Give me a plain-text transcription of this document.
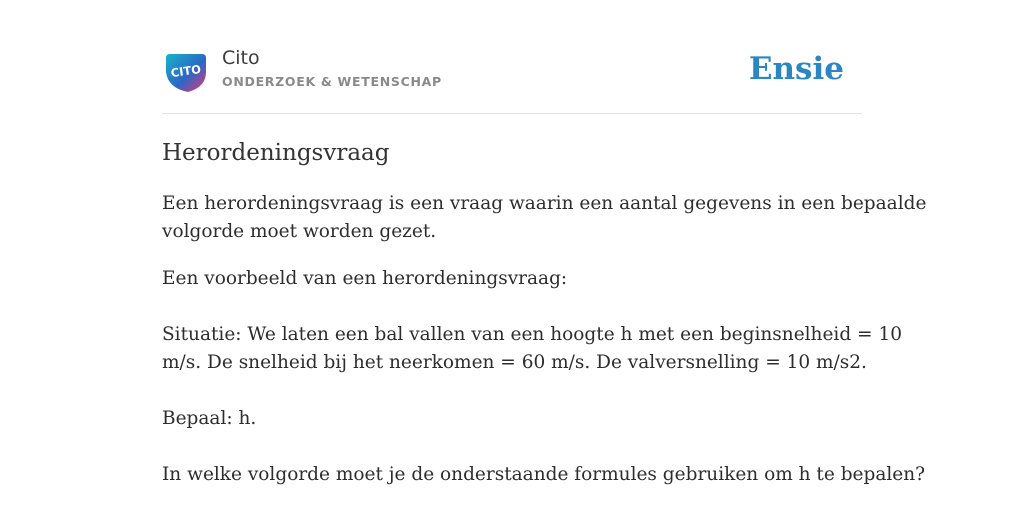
CITO
Cito
ONDERZOEK & WETENSCHAP	Ensie
Herordeningsvraag

Een herordeningsvraag is een vraag waarin een aantal gegevens in een bepaalde

volgorde moet worden gezet.

Een voorbeeld van een herordeningsvraag:

Situatie: We laten een bal vallen van een hoogte h met een beginsnelheid = 10

m/s. De snelheid bij het neerkomen = 60 m/s. De valversnelling = 10 m/s2.

Bepaal: h.

In welke volgorde moet je de onderstaande formules gebruiken om h te bepalen?
